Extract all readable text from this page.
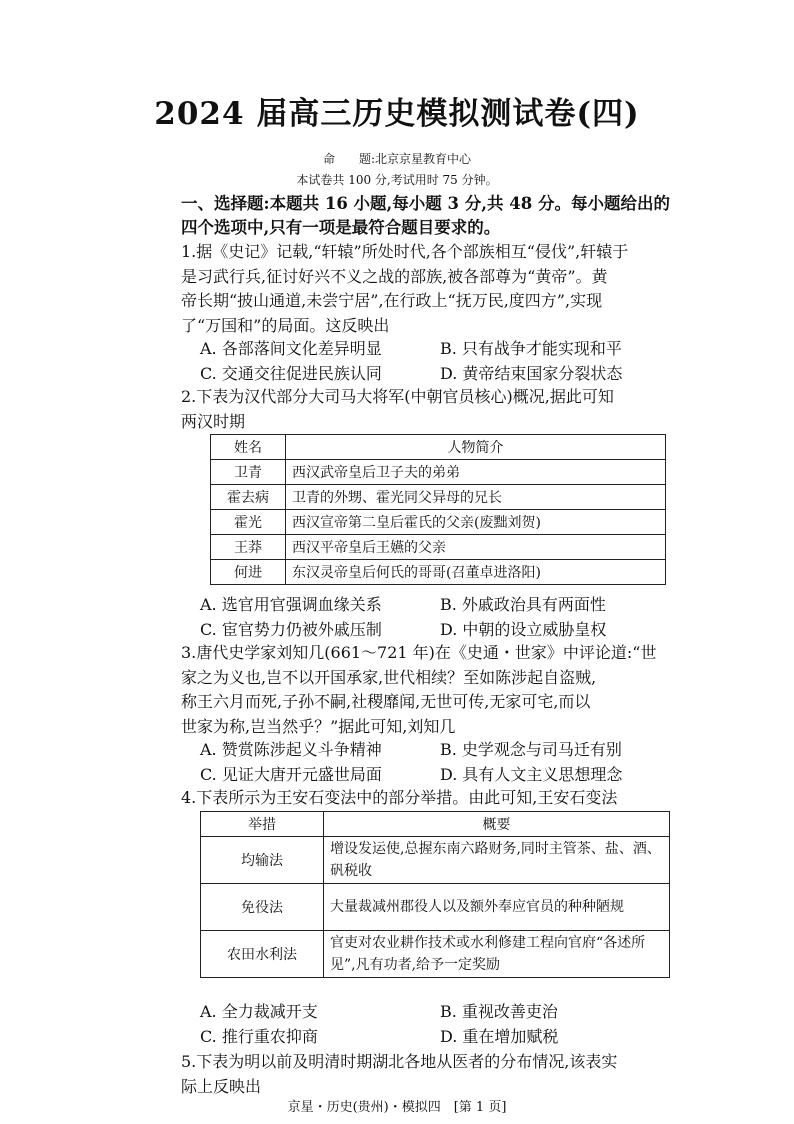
2024 届高三历史模拟测试卷(四)
命　　题:北京京星教育中心
本试卷共 100 分,考试用时 75 分钟。
一、选择题:本题共 16 小题,每小题 3 分,共 48 分。每小题给出的
四个选项中,只有一项是最符合题目要求的。
1.据《史记》记载,“轩辕”所处时代,各个部族相互“侵伐”,轩辕于
是习武行兵,征讨好兴不义之战的部族,被各部尊为“黄帝”。黄
帝长期“披山通道,未尝宁居”,在行政上“抚万民,度四方”,实现
了“万国和”的局面。这反映出
A. 各部落间文化差异明显	B. 只有战争才能实现和平
C. 交通交往促进民族认同	D. 黄帝结束国家分裂状态
2.下表为汉代部分大司马大将军(中朝官员核心)概况,据此可知
两汉时期
姓名	人物简介
卫青	西汉武帝皇后卫子夫的弟弟
霍去病	卫青的外甥、霍光同父异母的兄长
霍光	西汉宣帝第二皇后霍氏的父亲(废黜刘贺)
王莽	西汉平帝皇后王嬿的父亲
何进	东汉灵帝皇后何氏的哥哥(召董卓进洛阳)
A. 选官用官强调血缘关系	B. 外戚政治具有两面性
C. 宦官势力仍被外戚压制	D. 中朝的设立威胁皇权
3.唐代史学家刘知几(661～721 年)在《史通・世家》中评论道:“世
家之为义也,岂不以开国承家,世代相续？至如陈涉起自盗贼,
称王六月而死,子孙不嗣,社稷靡闻,无世可传,无家可宅,而以
世家为称,岂当然乎？”据此可知,刘知几
A. 赞赏陈涉起义斗争精神	B. 史学观念与司马迁有别
C. 见证大唐开元盛世局面	D. 具有人文主义思想理念
4.下表所示为王安石变法中的部分举措。由此可知,王安石变法
举措	概要
均输法	增设发运使,总握东南六路财务,同时主管茶、盐、酒、矾税收
免役法	大量裁减州郡役人以及额外奉应官员的种种陋规
农田水利法	官吏对农业耕作技术或水利修建工程向官府“各述所见”,凡有功者,给予一定奖励
A. 全力裁减开支	B. 重视改善吏治
C. 推行重农抑商	D. 重在增加赋税
5.下表为明以前及明清时期湖北各地从医者的分布情况,该表实
际上反映出
京星・历史(贵州)・模拟四　[第 1 页]
